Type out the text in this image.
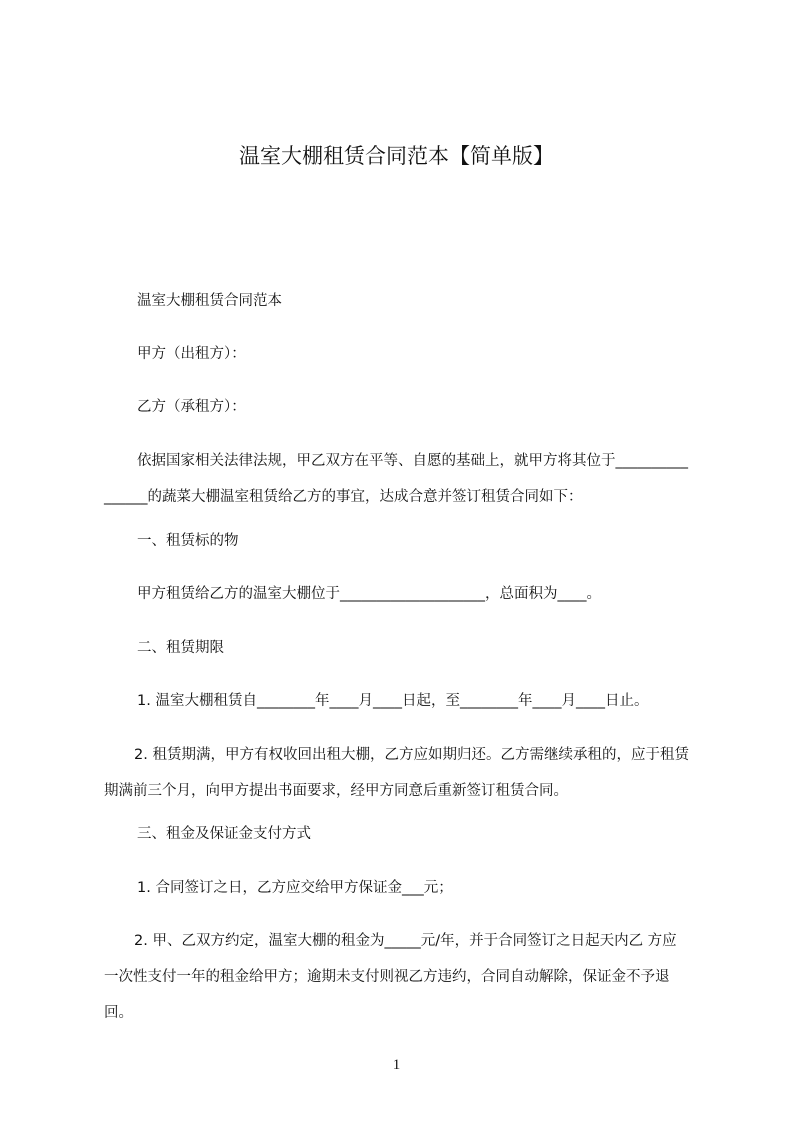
温室大棚租赁合同范本【简单版】
温室大棚租赁合同范本
甲方（出租方）：
乙方（承租方）：
依据国家相关法律法规，甲乙双方在平等、自愿的基础上，就甲方将其位于________________的蔬菜大棚温室租赁给乙方的事宜，达成合意并签订租赁合同如下：
一、租赁标的物
甲方租赁给乙方的温室大棚位于____________________，总面积为____。
二、租赁期限
1. 温室大棚租赁自________年____月____日起，至________年____月____日止。
2. 租赁期满，甲方有权收回出租大棚，乙方应如期归还。乙方需继续承租的，应于租赁期满前三个月，向甲方提出书面要求，经甲方同意后重新签订租赁合同。
三、租金及保证金支付方式
1. 合同签订之日，乙方应交给甲方保证金___元；
2. 甲、乙双方约定，温室大棚的租金为_____元/年，并于合同签订之日起天内乙 方应一次性支付一年的租金给甲方；逾期未支付则视乙方违约，合同自动解除，保证金不予退回。
1
